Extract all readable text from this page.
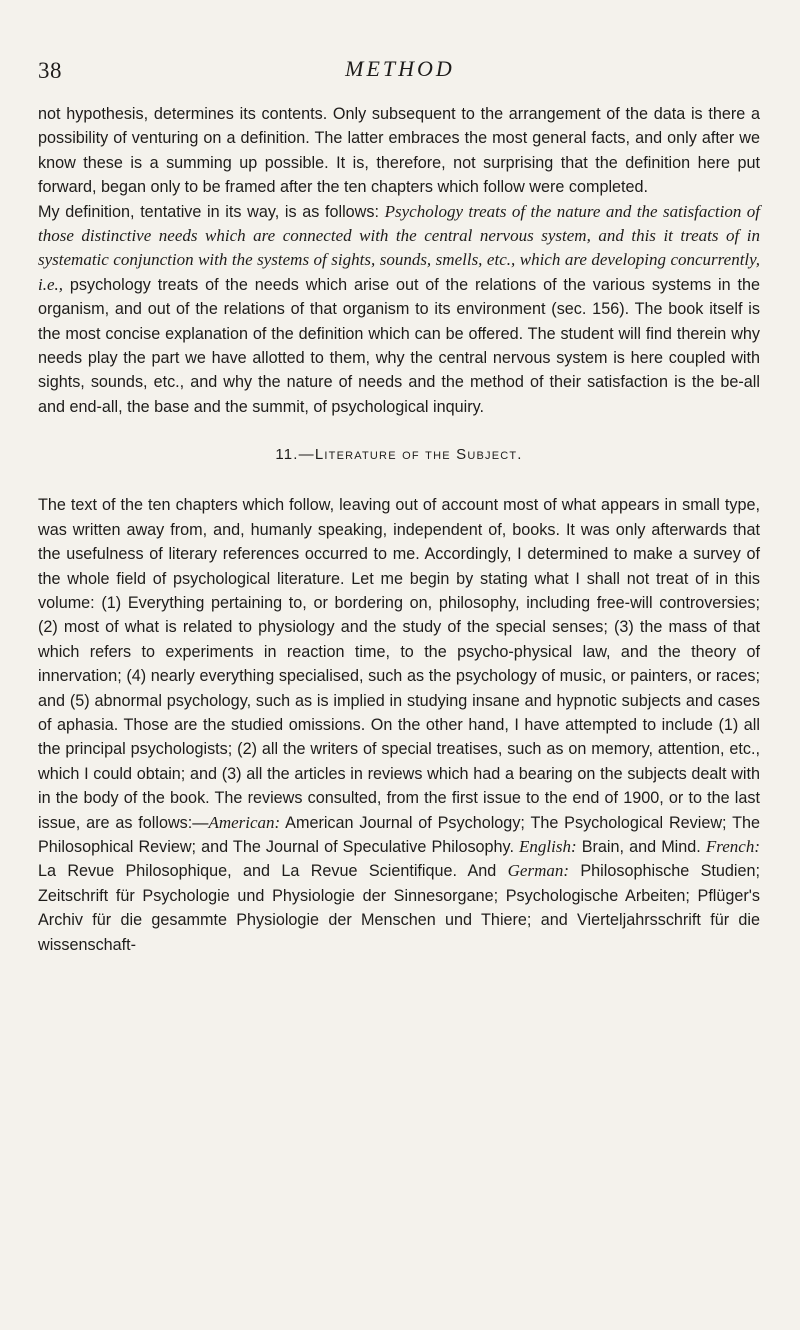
38	METHOD

not hypothesis, determines its contents. Only subsequent to the arrangement of the data is there a possibility of venturing on a definition. The latter embraces the most general facts, and only after we know these is a summing up possible. It is, therefore, not surprising that the definition here put forward, began only to be framed after the ten chapters which follow were completed.

My definition, tentative in its way, is as follows: Psychology treats of the nature and the satisfaction of those distinctive needs which are connected with the central nervous system, and this it treats of in systematic conjunction with the systems of sights, sounds, smells, etc., which are developing concurrently, i.e., psychology treats of the needs which arise out of the relations of the various systems in the organism, and out of the relations of that organism to its environment (sec. 156). The book itself is the most concise explanation of the definition which can be offered. The student will find therein why needs play the part we have allotted to them, why the central nervous system is here coupled with sights, sounds, etc., and why the nature of needs and the method of their satisfaction is the be-all and end-all, the base and the summit, of psychological inquiry.

11.—Literature of the Subject.

The text of the ten chapters which follow, leaving out of account most of what appears in small type, was written away from, and, humanly speaking, independent of, books. It was only afterwards that the usefulness of literary references occurred to me. Accordingly, I determined to make a survey of the whole field of psychological literature. Let me begin by stating what I shall not treat of in this volume: (1) Everything pertaining to, or bordering on, philosophy, including free-will controversies; (2) most of what is related to physiology and the study of the special senses; (3) the mass of that which refers to experiments in reaction time, to the psycho-physical law, and the theory of innervation; (4) nearly everything specialised, such as the psychology of music, or painters, or races; and (5) abnormal psychology, such as is implied in studying insane and hypnotic subjects and cases of aphasia. Those are the studied omissions. On the other hand, I have attempted to include (1) all the principal psychologists; (2) all the writers of special treatises, such as on memory, attention, etc., which I could obtain; and (3) all the articles in reviews which had a bearing on the subjects dealt with in the body of the book. The reviews consulted, from the first issue to the end of 1900, or to the last issue, are as follows:—American: American Journal of Psychology; The Psychological Review; The Philosophical Review; and The Journal of Speculative Philosophy. English: Brain, and Mind. French: La Revue Philosophique, and La Revue Scientifique. And German: Philosophische Studien; Zeitschrift für Psychologie und Physiologie der Sinnesorgane; Psychologische Arbeiten; Pflüger's Archiv für die gesammte Physiologie der Menschen und Thiere; and Vierteljahrsschrift für die wissenschaft-
